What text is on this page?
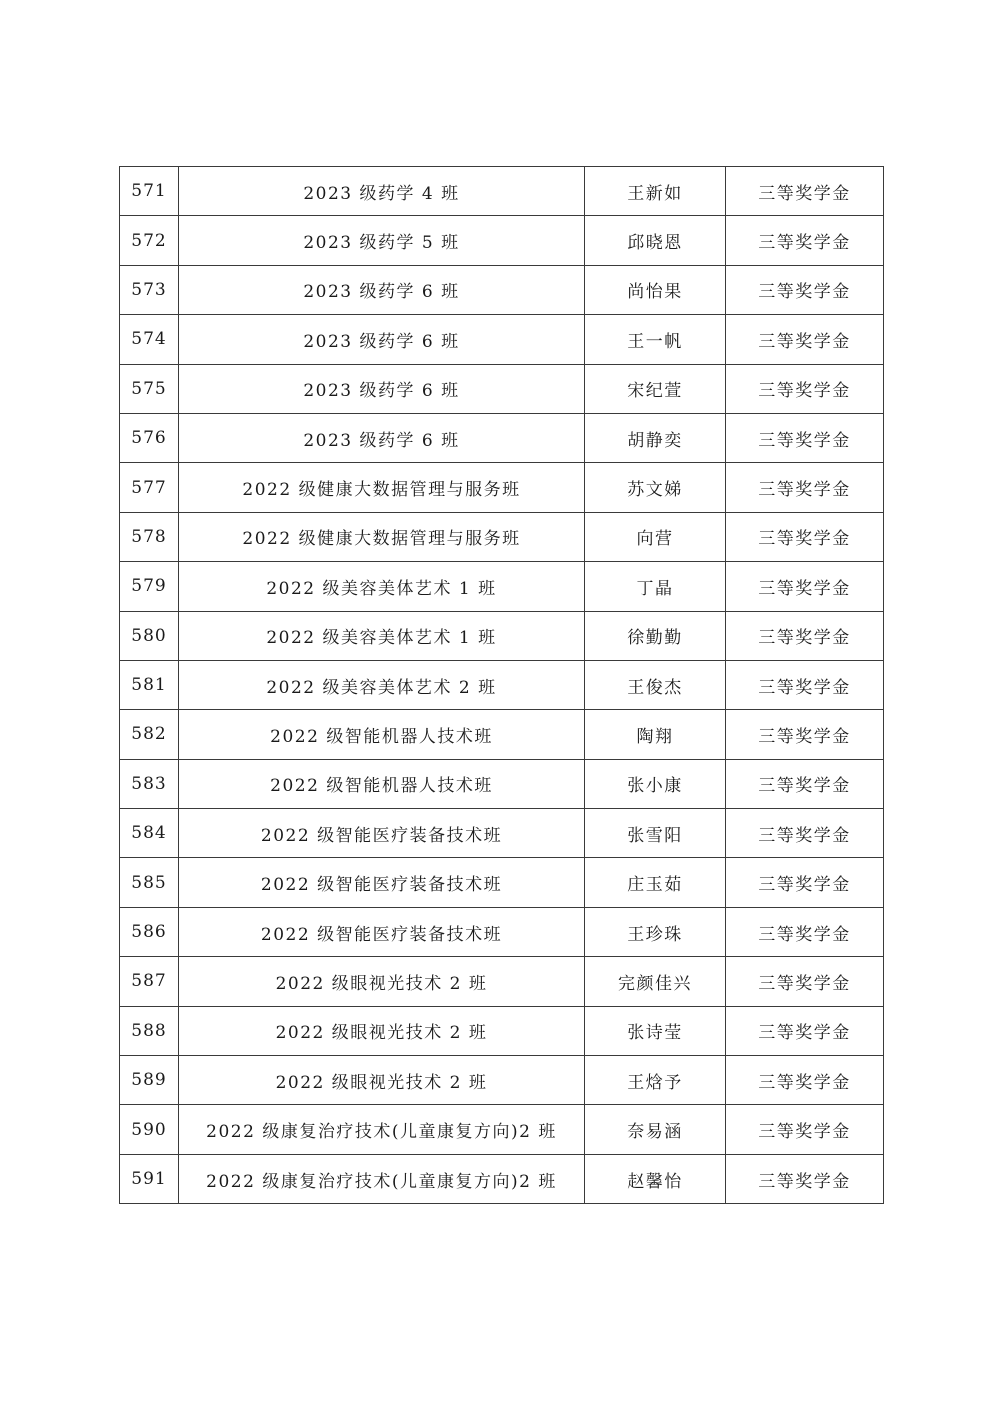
571	2023 级药学 4 班	王新如	三等奖学金
572	2023 级药学 5 班	邱晓恩	三等奖学金
573	2023 级药学 6 班	尚怡果	三等奖学金
574	2023 级药学 6 班	王一帆	三等奖学金
575	2023 级药学 6 班	宋纪萱	三等奖学金
576	2023 级药学 6 班	胡静奕	三等奖学金
577	2022 级健康大数据管理与服务班	苏文娣	三等奖学金
578	2022 级健康大数据管理与服务班	向营	三等奖学金
579	2022 级美容美体艺术 1 班	丁晶	三等奖学金
580	2022 级美容美体艺术 1 班	徐勤勤	三等奖学金
581	2022 级美容美体艺术 2 班	王俊杰	三等奖学金
582	2022 级智能机器人技术班	陶翔	三等奖学金
583	2022 级智能机器人技术班	张小康	三等奖学金
584	2022 级智能医疗装备技术班	张雪阳	三等奖学金
585	2022 级智能医疗装备技术班	庄玉茹	三等奖学金
586	2022 级智能医疗装备技术班	王珍珠	三等奖学金
587	2022 级眼视光技术 2 班	完颜佳兴	三等奖学金
588	2022 级眼视光技术 2 班	张诗莹	三等奖学金
589	2022 级眼视光技术 2 班	王焓予	三等奖学金
590	2022 级康复治疗技术(儿童康复方向)2 班	奈易涵	三等奖学金
591	2022 级康复治疗技术(儿童康复方向)2 班	赵馨怡	三等奖学金
